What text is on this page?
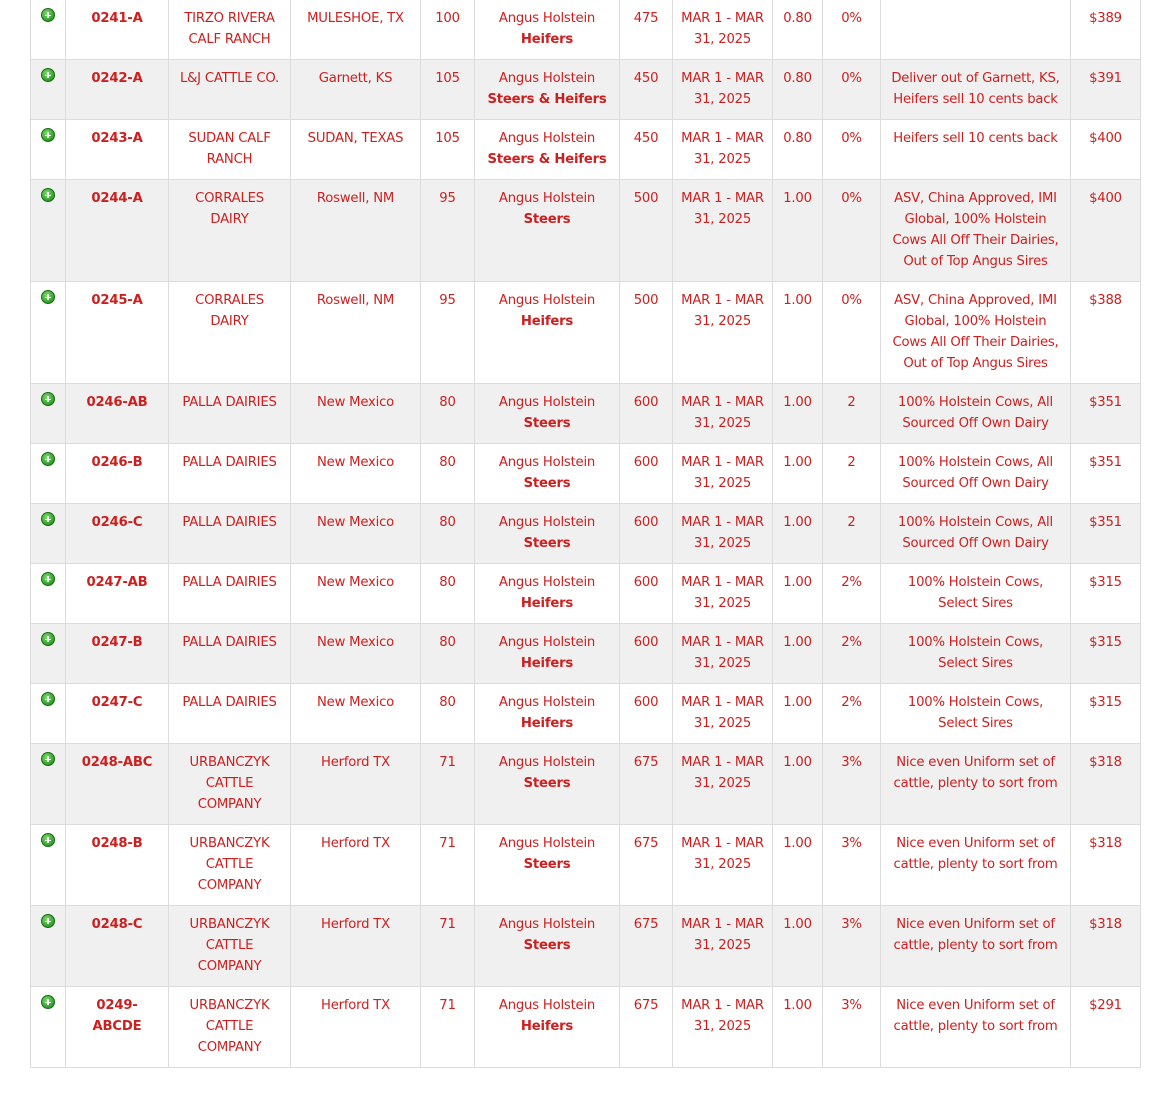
	0241-A	TIRZO RIVERA CALF RANCH	MULESHOE, TX	100	Angus Holstein
Heifers	475	MAR 1 - MAR 31, 2025	0.80	0%		$389
	0242-A	L&J CATTLE CO.	Garnett, KS	105	Angus Holstein
Steers & Heifers	450	MAR 1 - MAR 31, 2025	0.80	0%	Deliver out of Garnett, KS, Heifers sell 10 cents back	$391
	0243-A	SUDAN CALF RANCH	SUDAN, TEXAS	105	Angus Holstein
Steers & Heifers	450	MAR 1 - MAR 31, 2025	0.80	0%	Heifers sell 10 cents back	$400
	0244-A	CORRALES DAIRY	Roswell, NM	95	Angus Holstein
Steers	500	MAR 1 - MAR 31, 2025	1.00	0%	ASV, China Approved, IMI Global, 100% Holstein Cows All Off Their Dairies, Out of Top Angus Sires	$400
	0245-A	CORRALES DAIRY	Roswell, NM	95	Angus Holstein
Heifers	500	MAR 1 - MAR 31, 2025	1.00	0%	ASV, China Approved, IMI Global, 100% Holstein Cows All Off Their Dairies, Out of Top Angus Sires	$388
	0246-AB	PALLA DAIRIES	New Mexico	80	Angus Holstein
Steers	600	MAR 1 - MAR 31, 2025	1.00	2	100% Holstein Cows, All Sourced Off Own Dairy	$351
	0246-B	PALLA DAIRIES	New Mexico	80	Angus Holstein
Steers	600	MAR 1 - MAR 31, 2025	1.00	2	100% Holstein Cows, All Sourced Off Own Dairy	$351
	0246-C	PALLA DAIRIES	New Mexico	80	Angus Holstein
Steers	600	MAR 1 - MAR 31, 2025	1.00	2	100% Holstein Cows, All Sourced Off Own Dairy	$351
	0247-AB	PALLA DAIRIES	New Mexico	80	Angus Holstein
Heifers	600	MAR 1 - MAR 31, 2025	1.00	2%	100% Holstein Cows, Select Sires	$315
	0247-B	PALLA DAIRIES	New Mexico	80	Angus Holstein
Heifers	600	MAR 1 - MAR 31, 2025	1.00	2%	100% Holstein Cows, Select Sires	$315
	0247-C	PALLA DAIRIES	New Mexico	80	Angus Holstein
Heifers	600	MAR 1 - MAR 31, 2025	1.00	2%	100% Holstein Cows, Select Sires	$315
	0248-ABC	URBANCZYK CATTLE COMPANY	Herford TX	71	Angus Holstein
Steers	675	MAR 1 - MAR 31, 2025	1.00	3%	Nice even Uniform set of cattle, plenty to sort from	$318
	0248-B	URBANCZYK CATTLE COMPANY	Herford TX	71	Angus Holstein
Steers	675	MAR 1 - MAR 31, 2025	1.00	3%	Nice even Uniform set of cattle, plenty to sort from	$318
	0248-C	URBANCZYK CATTLE COMPANY	Herford TX	71	Angus Holstein
Steers	675	MAR 1 - MAR 31, 2025	1.00	3%	Nice even Uniform set of cattle, plenty to sort from	$318
	0249-ABCDE	URBANCZYK CATTLE COMPANY	Herford TX	71	Angus Holstein
Heifers	675	MAR 1 - MAR 31, 2025	1.00	3%	Nice even Uniform set of cattle, plenty to sort from	$291
